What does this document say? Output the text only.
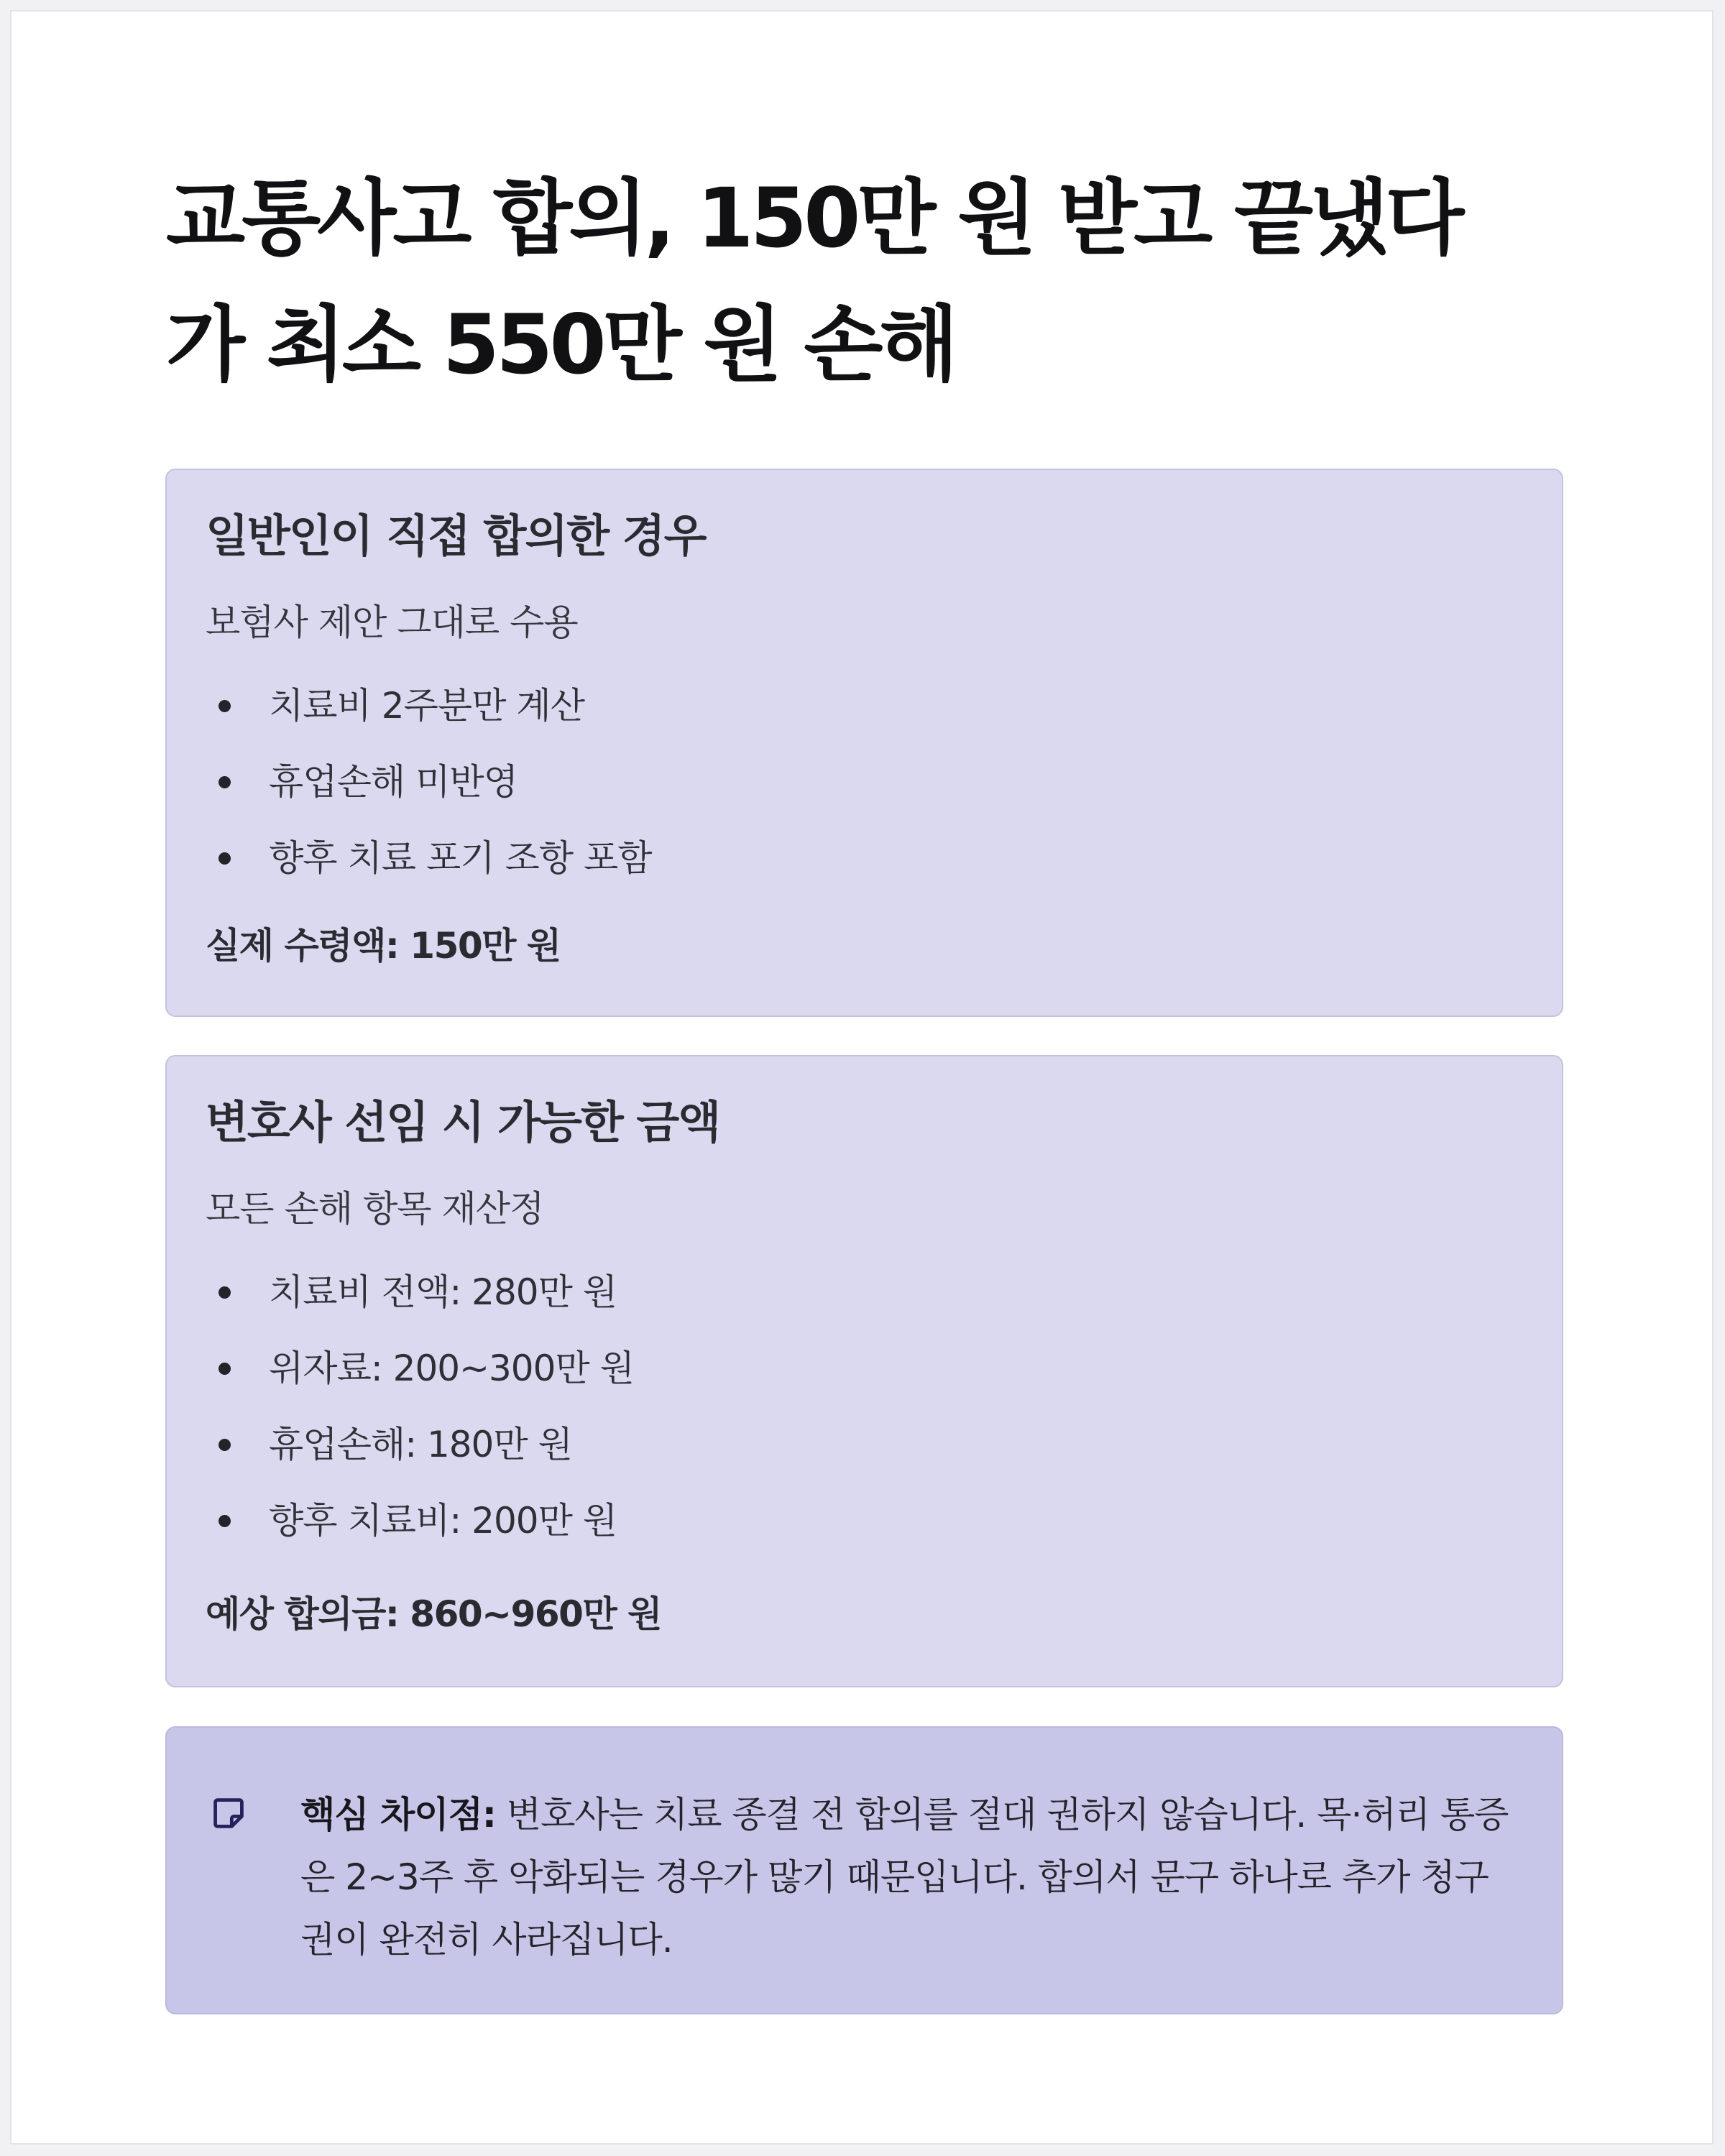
교통사고 합의, 150만 원 받고 끝냈다가 최소 550만 원 손해
일반인이 직접 합의한 경우
보험사 제안 그대로 수용
치료비 2주분만 계산
휴업손해 미반영
향후 치료 포기 조항 포함
실제 수령액: 150만 원
변호사 선임 시 가능한 금액
모든 손해 항목 재산정
치료비 전액: 280만 원
위자료: 200~300만 원
휴업손해: 180만 원
향후 치료비: 200만 원
예상 합의금: 860~960만 원

핵심 차이점: 변호사는 치료 종결 전 합의를 절대 권하지 않습니다. 목·허리 통증은 2~3주 후 악화되는 경우가 많기 때문입니다. 합의서 문구 하나로 추가 청구권이 완전히 사라집니다.
